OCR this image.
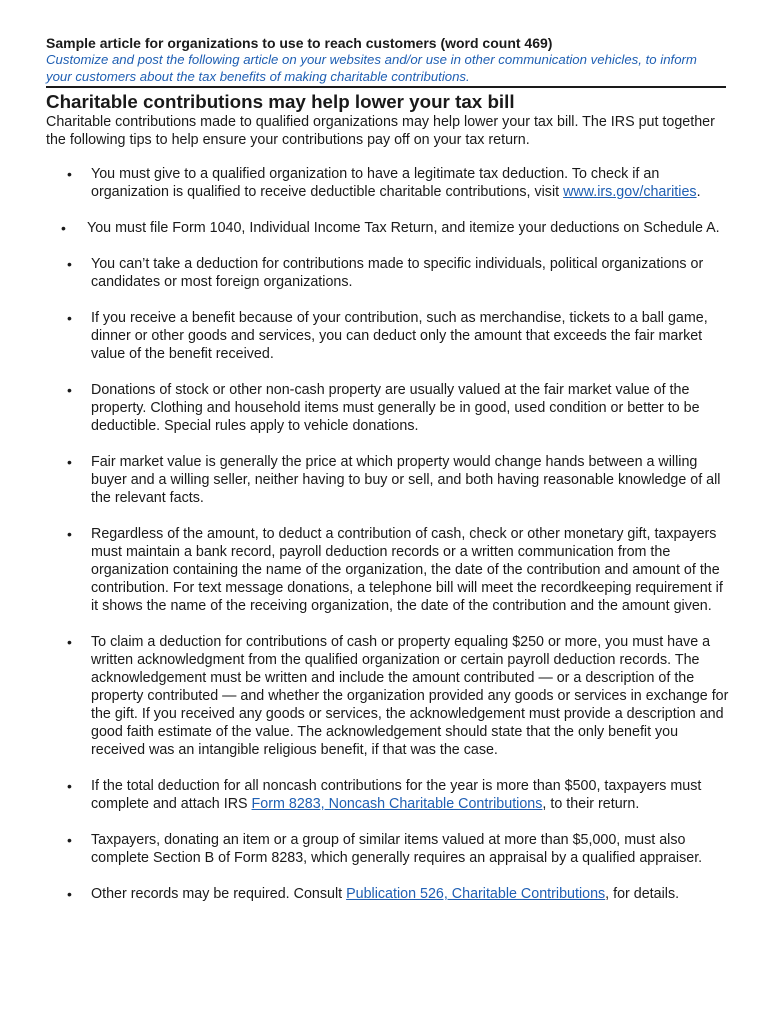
Sample article for organizations to use to reach customers (word count 469)

Customize and post the following article on your websites and/or use in other communication vehicles, to inform your customers about the tax benefits of making charitable contributions.

Charitable contributions may help lower your tax bill

Charitable contributions made to qualified organizations may help lower your tax bill. The IRS put together the following tips to help ensure your contributions pay off on your tax return.

• You must give to a qualified organization to have a legitimate tax deduction. To check if an organization is qualified to receive deductible charitable contributions, visit www.irs.gov/charities.
• You must file Form 1040, Individual Income Tax Return, and itemize your deductions on Schedule A.
• You can’t take a deduction for contributions made to specific individuals, political organizations or candidates or most foreign organizations.
• If you receive a benefit because of your contribution, such as merchandise, tickets to a ball game, dinner or other goods and services, you can deduct only the amount that exceeds the fair market value of the benefit received.
• Donations of stock or other non-cash property are usually valued at the fair market value of the property. Clothing and household items must generally be in good, used condition or better to be deductible. Special rules apply to vehicle donations.
• Fair market value is generally the price at which property would change hands between a willing buyer and a willing seller, neither having to buy or sell, and both having reasonable knowledge of all the relevant facts.
• Regardless of the amount, to deduct a contribution of cash, check or other monetary gift, taxpayers must maintain a bank record, payroll deduction records or a written communication from the organization containing the name of the organization, the date of the contribution and amount of the contribution. For text message donations, a telephone bill will meet the recordkeeping requirement if it shows the name of the receiving organization, the date of the contribution and the amount given.
• To claim a deduction for contributions of cash or property equaling $250 or more, you must have a written acknowledgment from the qualified organization or certain payroll deduction records. The acknowledgement must be written and include the amount contributed — or a description of the property contributed — and whether the organization provided any goods or services in exchange for the gift. If you received any goods or services, the acknowledgement must provide a description and good faith estimate of the value. The acknowledgement should state that the only benefit you received was an intangible religious benefit, if that was the case.
• If the total deduction for all noncash contributions for the year is more than $500, taxpayers must complete and attach IRS Form 8283, Noncash Charitable Contributions, to their return.
• Taxpayers, donating an item or a group of similar items valued at more than $5,000, must also complete Section B of Form 8283, which generally requires an appraisal by a qualified appraiser.
• Other records may be required. Consult Publication 526, Charitable Contributions, for details.
